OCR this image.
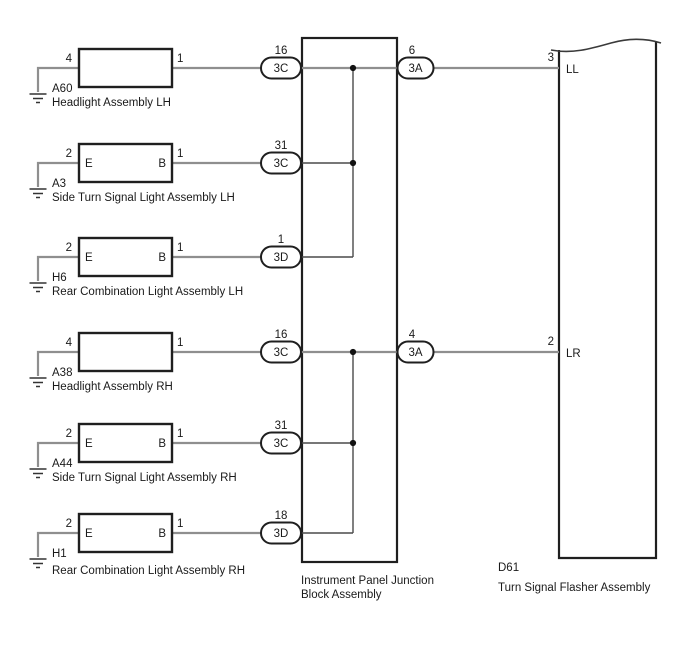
4	1
A60
Headlight Assembly LH
3C
16
2	1
E	B
A3
Side Turn Signal Light Assembly LH
3C
31
2	1
E	B
H6
Rear Combination Light Assembly LH
3D
1
4	1
A38
Headlight Assembly RH
3C
16
2	1
E	B
A44
Side Turn Signal Light Assembly RH
3C
31
2	1
E	B
H1
Rear Combination Light Assembly RH
18
3D
3A
6
3
LL
3A
4
2
LR
Instrument Panel Junction
Block Assembly
D61
Turn Signal Flasher Assembly
